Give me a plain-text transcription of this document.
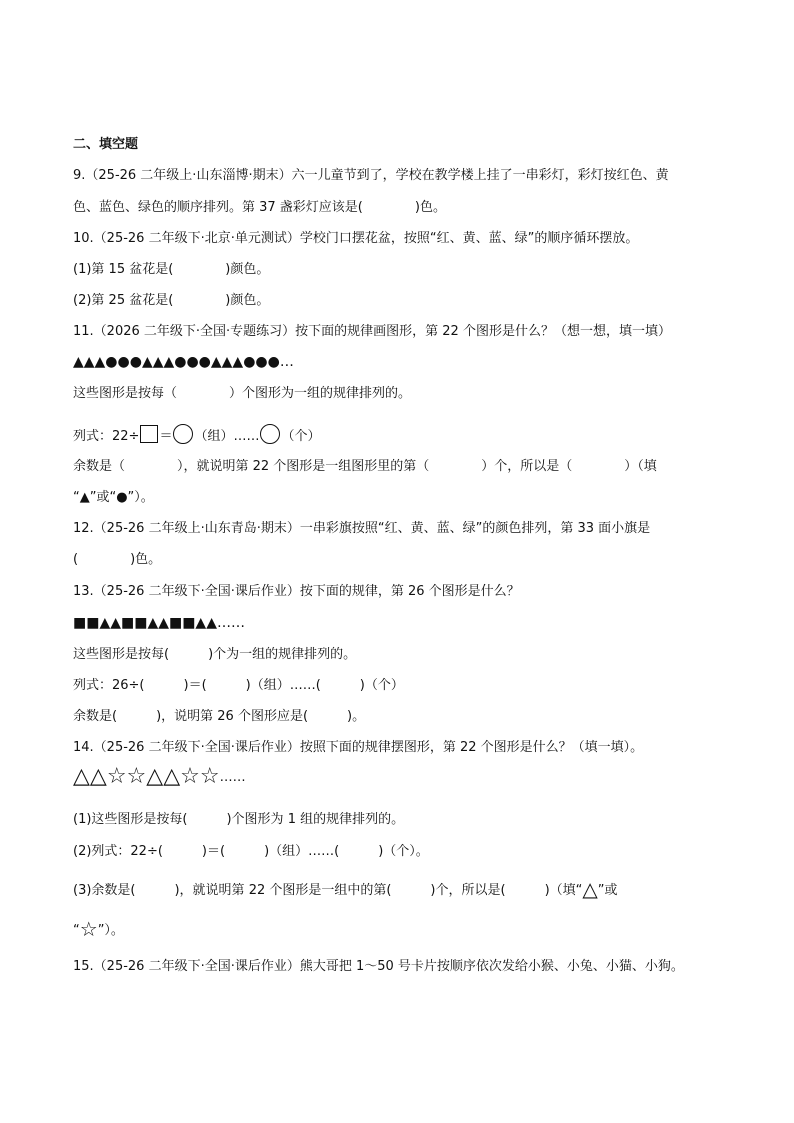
二、填空题
9.（25-26 二年级上·山东淄博·期末）六一儿童节到了，学校在教学楼上挂了一串彩灯，彩灯按红色、黄
色、蓝色、绿色的顺序排列。第 37 盏彩灯应该是(　　　　)色。
10.（25-26 二年级下·北京·单元测试）学校门口摆花盆，按照“红、黄、蓝、绿”的顺序循环摆放。
(1)第 15 盆花是(　　　　)颜色。
(2)第 25 盆花是(　　　　)颜色。
11.（2026 二年级下·全国·专题练习）按下面的规律画图形，第 22 个图形是什么？（想一想，填一填）
▲▲▲●●●▲▲▲●●●▲▲▲●●●…
这些图形是按每（　　　　）个图形为一组的规律排列的。
列式：22÷ ＝ （组）…… （个）
余数是（　　　　），就说明第 22 个图形是一组图形里的第（　　　　）个，所以是（　　　　）（填
“▲”或“●”）。
12.（25-26 二年级上·山东青岛·期末）一串彩旗按照“红、黄、蓝、绿”的颜色排列，第 33 面小旗是
(　　　　)色。
13.（25-26 二年级下·全国·课后作业）按下面的规律，第 26 个图形是什么？
■■▲▲■■▲▲■■▲▲……
这些图形是按每(　　　)个为一组的规律排列的。
列式：26÷(　　　)＝(　　　)（组）……(　　　)（个）
余数是(　　　)，说明第 26 个图形应是(　　　)。
14.（25-26 二年级下·全国·课后作业）按照下面的规律摆图形，第 22 个图形是什么？（填一填）。
△△☆☆△△☆☆……
(1)这些图形是按每(　　　)个图形为 1 组的规律排列的。
(2)列式：22÷(　　　)＝(　　　)（组）……(　　　)（个）。
(3)余数是(　　　)，就说明第 22 个图形是一组中的第(　　　)个，所以是(　　　)（填“△”或
“☆”）。
15.（25-26 二年级下·全国·课后作业）熊大哥把 1～50 号卡片按顺序依次发给小猴、小兔、小猫、小狗。
